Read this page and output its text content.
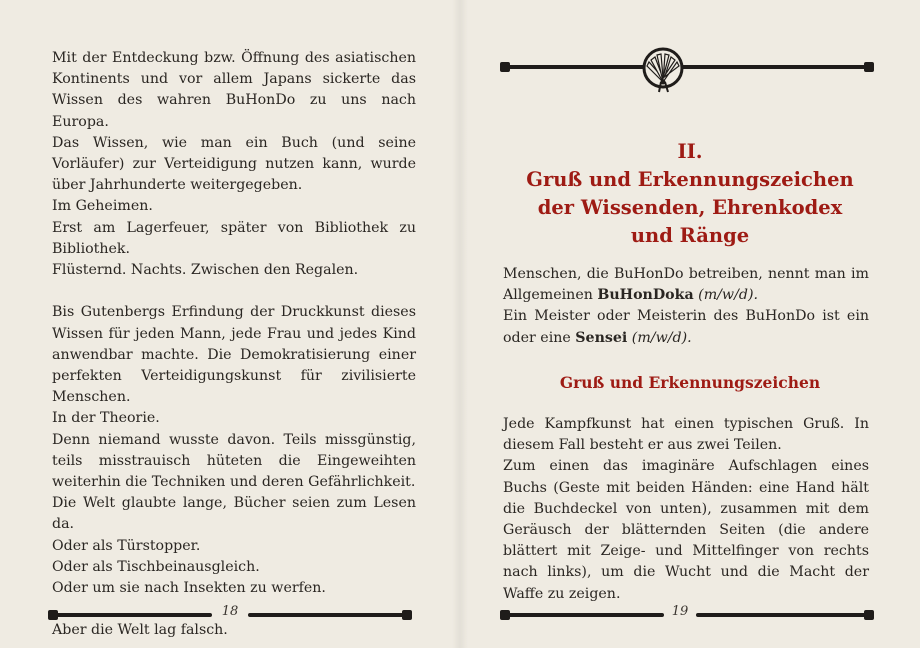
Mit der Entdeckung bzw. Öffnung des asiatischen Kontinents und vor allem Japans sickerte das Wissen des wahren BuHonDo zu uns nach Europa.

Das Wissen, wie man ein Buch (und seine Vorläufer) zur Verteidigung nutzen kann, wurde über Jahrhunderte weitergegeben.

Im Geheimen.

Erst am Lagerfeuer, später von Bibliothek zu Bibliothek.

Flüsternd. Nachts. Zwischen den Regalen.

Bis Gutenbergs Erfindung der Druckkunst dieses Wissen für jeden Mann, jede Frau und jedes Kind anwendbar machte. Die Demokratisierung einer perfekten Verteidigungskunst für zivilisierte Menschen.

In der Theorie.

Denn niemand wusste davon. Teils missgünstig, teils misstrauisch hüteten die Eingeweihten weiterhin die Techniken und deren Gefährlichkeit.

Die Welt glaubte lange, Bücher seien zum Lesen da.

Oder als Türstopper.

Oder als Tischbeinausgleich.

Oder um sie nach Insekten zu werfen.

Aber die Welt lag falsch.

18
II.
Gruß und Erkennungszeichen
der Wissenden, Ehrenkodex
und Ränge

Menschen, die BuHonDo betreiben, nennt man im Allgemeinen BuHonDoka (m/w/d).

Ein Meister oder Meisterin des BuHonDo ist ein oder eine Sensei (m/w/d).

Gruß und Erkennungszeichen

Jede Kampfkunst hat einen typischen Gruß. In diesem Fall besteht er aus zwei Teilen.

Zum einen das imaginäre Aufschlagen eines Buchs (Geste mit beiden Händen: eine Hand hält die Buchdeckel von unten), zusammen mit dem Geräusch der blätternden Seiten (die andere blättert mit Zeige- und Mittelfinger von rechts nach links), um die Wucht und die Macht der Waffe zu zeigen.

19
